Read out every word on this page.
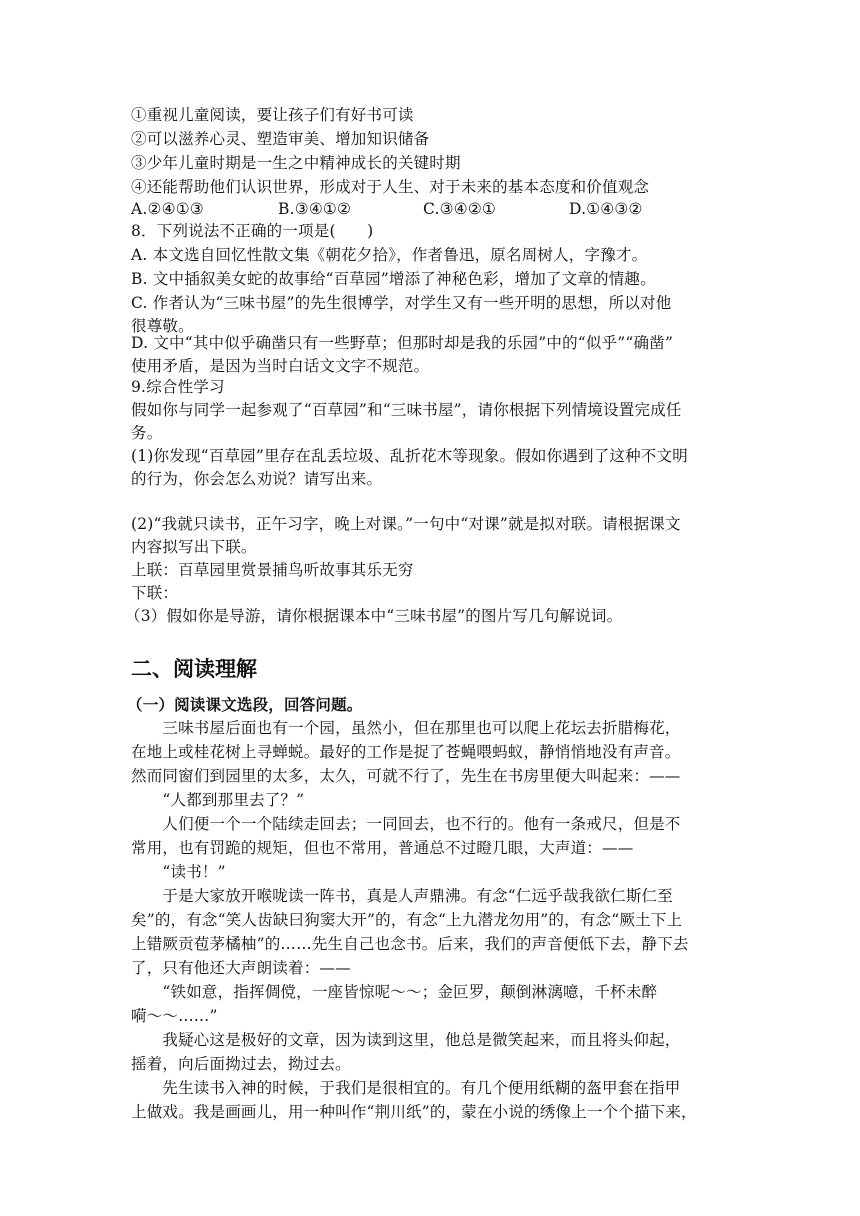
①重视儿童阅读，要让孩子们有好书可读
②可以滋养心灵、塑造审美、增加知识储备
③少年儿童时期是一生之中精神成长的关键时期
④还能帮助他们认识世界，形成对于人生、对于未来的基本态度和价值观念
A.②④①③	B.③④①②	C.③④②①	D.①④③②
8．下列说法不正确的一项是(　　)
A. 本文选自回忆性散文集《朝花夕拾》，作者鲁迅，原名周树人，字豫才。
B. 文中插叙美女蛇的故事给“百草园”增添了神秘色彩，增加了文章的情趣。
C. 作者认为“三味书屋”的先生很博学，对学生又有一些开明的思想，所以对他
很尊敬。
D. 文中“其中似乎确凿只有一些野草；但那时却是我的乐园”中的“似乎”“确凿”
使用矛盾，是因为当时白话文文字不规范。
9.综合性学习
假如你与同学一起参观了“百草园”和“三味书屋”，请你根据下列情境设置完成任
务。
(1)你发现“百草园”里存在乱丢垃圾、乱折花木等现象。假如你遇到了这种不文明
的行为，你会怎么劝说？请写出来。
(2)“我就只读书，正午习字，晚上对课。”一句中“对课”就是拟对联。请根据课文
内容拟写出下联。
上联：百草园里赏景捕鸟听故事其乐无穷
下联：
（3）假如你是导游，请你根据课本中“三味书屋”的图片写几句解说词。
二、阅读理解
（一）阅读课文选段，回答问题。
　　三味书屋后面也有一个园，虽然小，但在那里也可以爬上花坛去折腊梅花，
在地上或桂花树上寻蝉蜕。最好的工作是捉了苍蝇喂蚂蚁，静悄悄地没有声音。
然而同窗们到园里的太多，太久，可就不行了，先生在书房里便大叫起来：——
　　“人都到那里去了？”
　　人们便一个一个陆续走回去；一同回去，也不行的。他有一条戒尺，但是不
常用，也有罚跪的规矩，但也不常用，普通总不过瞪几眼，大声道：——
　　“读书！”
　　于是大家放开喉咙读一阵书，真是人声鼎沸。有念“仁远乎哉我欲仁斯仁至
矣”的，有念“笑人齿缺曰狗窦大开”的，有念“上九潜龙勿用”的，有念“厥土下上
上错厥贡苞茅橘柚”的……先生自己也念书。后来，我们的声音便低下去，静下去
了，只有他还大声朗读着：——
　　“铁如意，指挥倜傥，一座皆惊呢～～；金叵罗，颠倒淋漓噫，千杯未醉
嗬～～……”
　　我疑心这是极好的文章，因为读到这里，他总是微笑起来，而且将头仰起，
摇着，向后面拗过去，拗过去。
　　先生读书入神的时候，于我们是很相宜的。有几个便用纸糊的盔甲套在指甲
上做戏。我是画画儿，用一种叫作“荆川纸”的，蒙在小说的绣像上一个个描下来，
